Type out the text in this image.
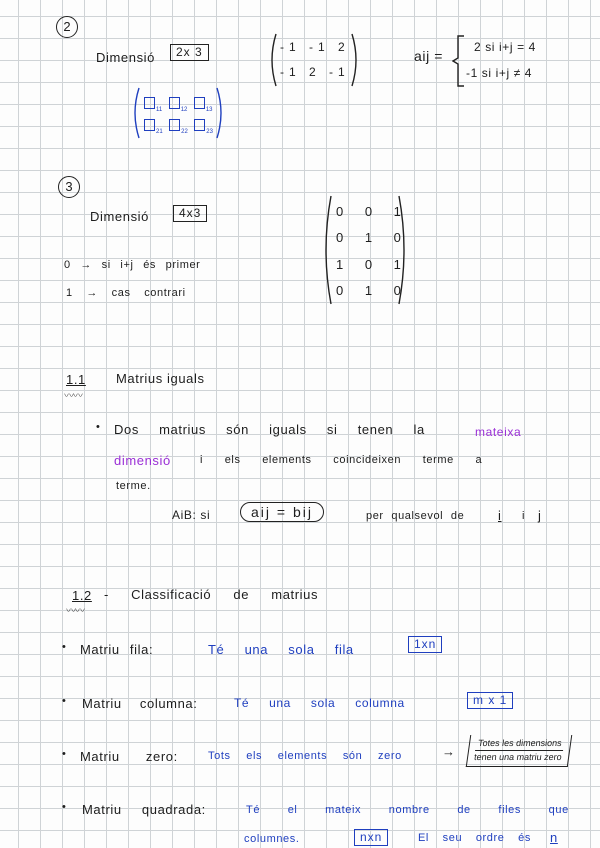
2
Dimensió	2x 3	-1 -1 2
-1 2 -1
$_{11}$	$_{12}$	$_{13}$
$_{21}$	$_{22}$	$_{23}$
aij =
2 si i+j = 4
-1 si i+j ≠ 4
3
Dimensió	4x3	0 0 1
0 1 0
1 0 1
0 1 0
0 → si i+j és primer
1 → cas contrari
1.1
〰〰
Matrius iguals
• Dos matrius són iguals si tenen la	mateixa
dimensió	i els elements coincideixen terme a
terme.
AiB: si	aij = bij	per qualsevol de	i i j
1.2
〰〰
- Classificació de matrius
• Matriu fila:	Té una sola fila	1xn
• Matriu columna:	Té una sola columna	m x 1
• Matriu zero:	Tots els elements són zero	→
Totes les dimensions
tenen una matriu zero
• Matriu quadrada:	Té el mateix nombre de files que
columnes.	nxn	El seu ordre és n
